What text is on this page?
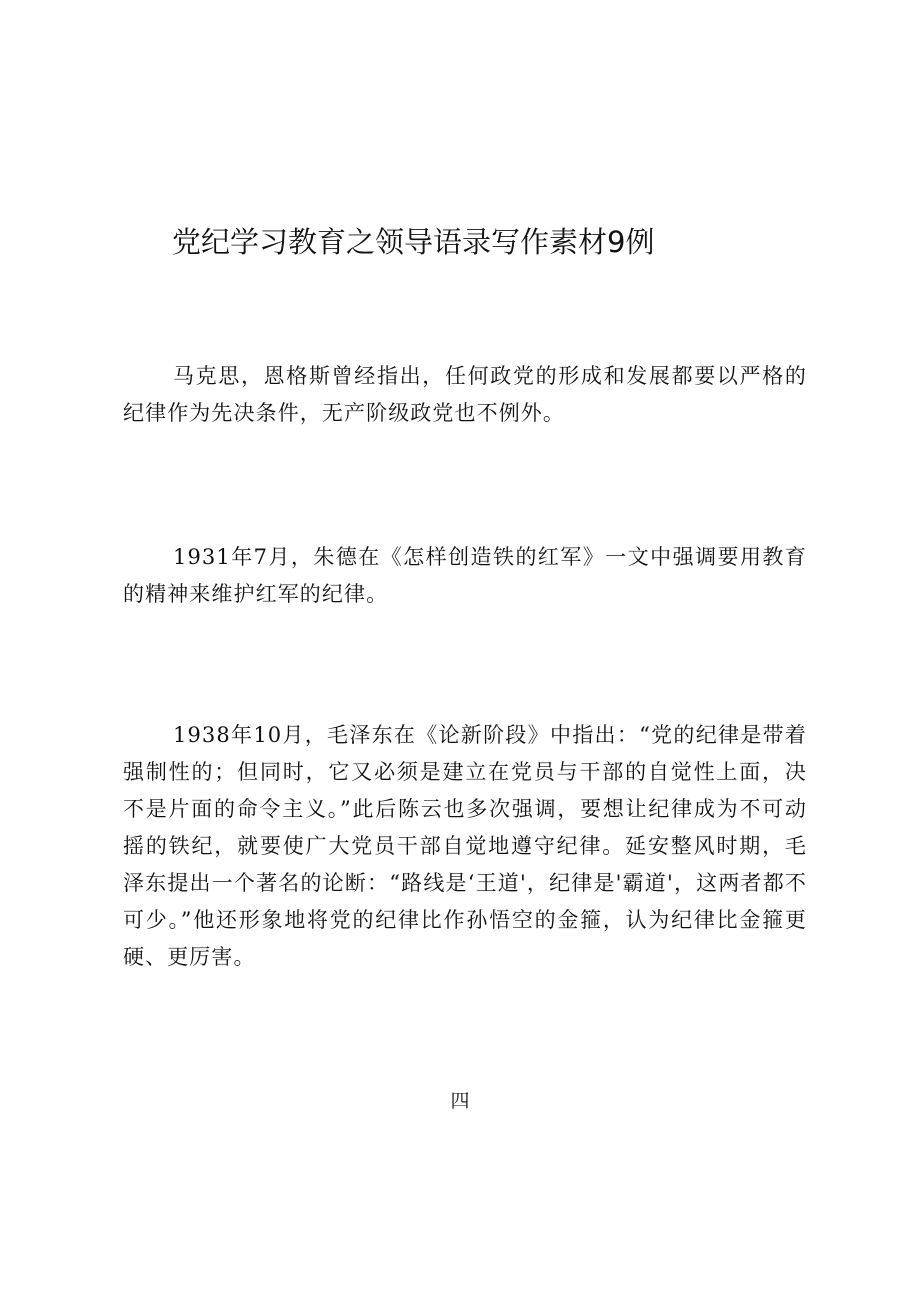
党纪学习教育之领导语录写作素材9例

马克思，恩格斯曾经指出，任何政党的形成和发展都要以严格的纪律作为先决条件，无产阶级政党也不例外。

1931年7月，朱德在《怎样创造铁的红军》一文中强调要用教育的精神来维护红军的纪律。

1938年10月，毛泽东在《论新阶段》中指出：“党的纪律是带着强制性的；但同时，它又必须是建立在党员与干部的自觉性上面，决不是片面的命令主义。”此后陈云也多次强调，要想让纪律成为不可动摇的铁纪，就要使广大党员干部自觉地遵守纪律。延安整风时期，毛泽东提出一个著名的论断：“路线是‘王道'，纪律是'霸道'，这两者都不可少。”他还形象地将党的纪律比作孙悟空的金箍，认为纪律比金箍更硬、更厉害。

四
